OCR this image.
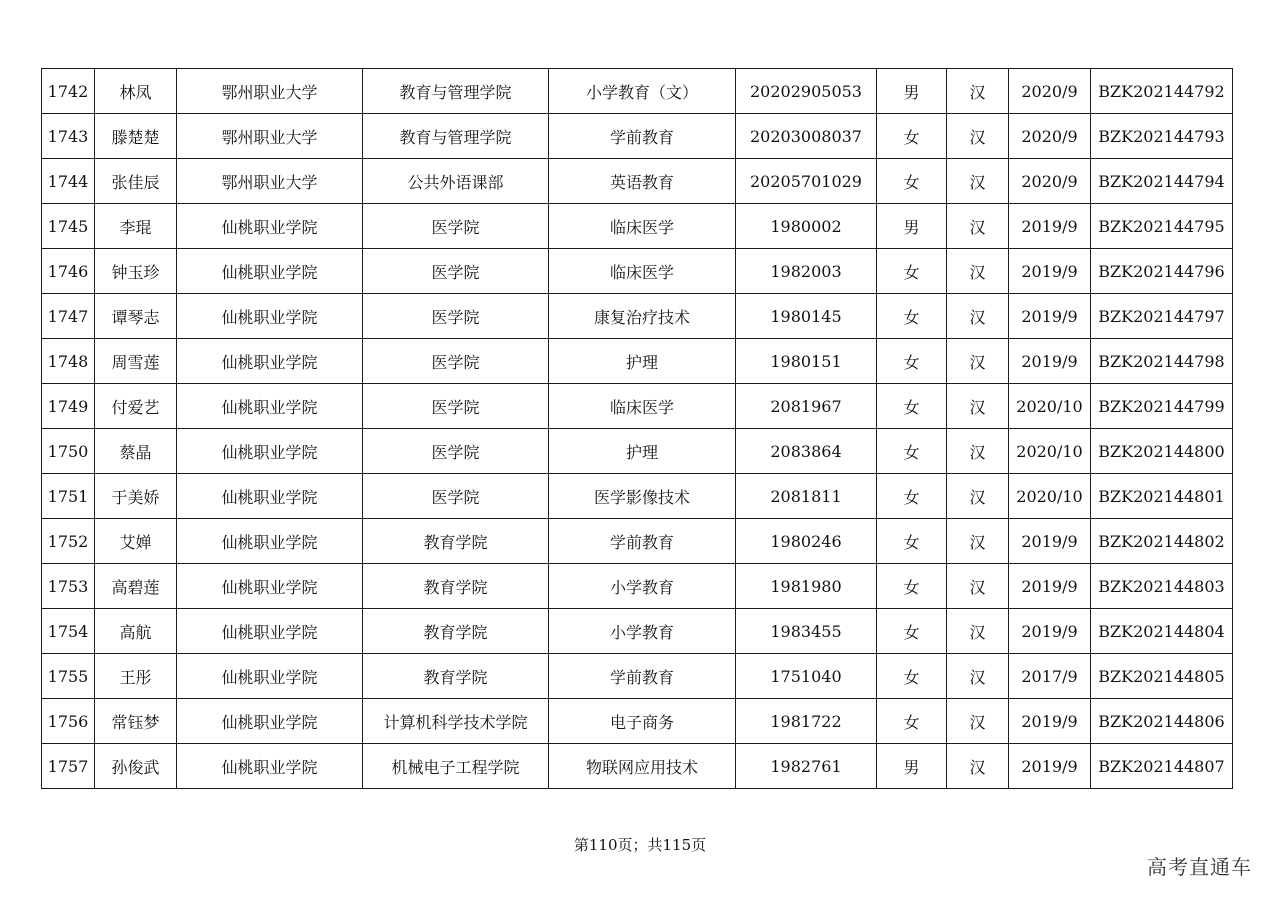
1742	林凤	鄂州职业大学	教育与管理学院	小学教育（文）	20202905053	男	汉	2020/9	BZK202144792
1743	滕楚楚	鄂州职业大学	教育与管理学院	学前教育	20203008037	女	汉	2020/9	BZK202144793
1744	张佳辰	鄂州职业大学	公共外语课部	英语教育	20205701029	女	汉	2020/9	BZK202144794
1745	李琨	仙桃职业学院	医学院	临床医学	1980002	男	汉	2019/9	BZK202144795
1746	钟玉珍	仙桃职业学院	医学院	临床医学	1982003	女	汉	2019/9	BZK202144796
1747	谭琴志	仙桃职业学院	医学院	康复治疗技术	1980145	女	汉	2019/9	BZK202144797
1748	周雪莲	仙桃职业学院	医学院	护理	1980151	女	汉	2019/9	BZK202144798
1749	付爱艺	仙桃职业学院	医学院	临床医学	2081967	女	汉	2020/10	BZK202144799
1750	蔡晶	仙桃职业学院	医学院	护理	2083864	女	汉	2020/10	BZK202144800
1751	于美娇	仙桃职业学院	医学院	医学影像技术	2081811	女	汉	2020/10	BZK202144801
1752	艾婵	仙桃职业学院	教育学院	学前教育	1980246	女	汉	2019/9	BZK202144802
1753	高碧莲	仙桃职业学院	教育学院	小学教育	1981980	女	汉	2019/9	BZK202144803
1754	高航	仙桃职业学院	教育学院	小学教育	1983455	女	汉	2019/9	BZK202144804
1755	王彤	仙桃职业学院	教育学院	学前教育	1751040	女	汉	2017/9	BZK202144805
1756	常钰梦	仙桃职业学院	计算机科学技术学院	电子商务	1981722	女	汉	2019/9	BZK202144806
1757	孙俊武	仙桃职业学院	机械电子工程学院	物联网应用技术	1982761	男	汉	2019/9	BZK202144807
第110页；共115页
高考直通车
